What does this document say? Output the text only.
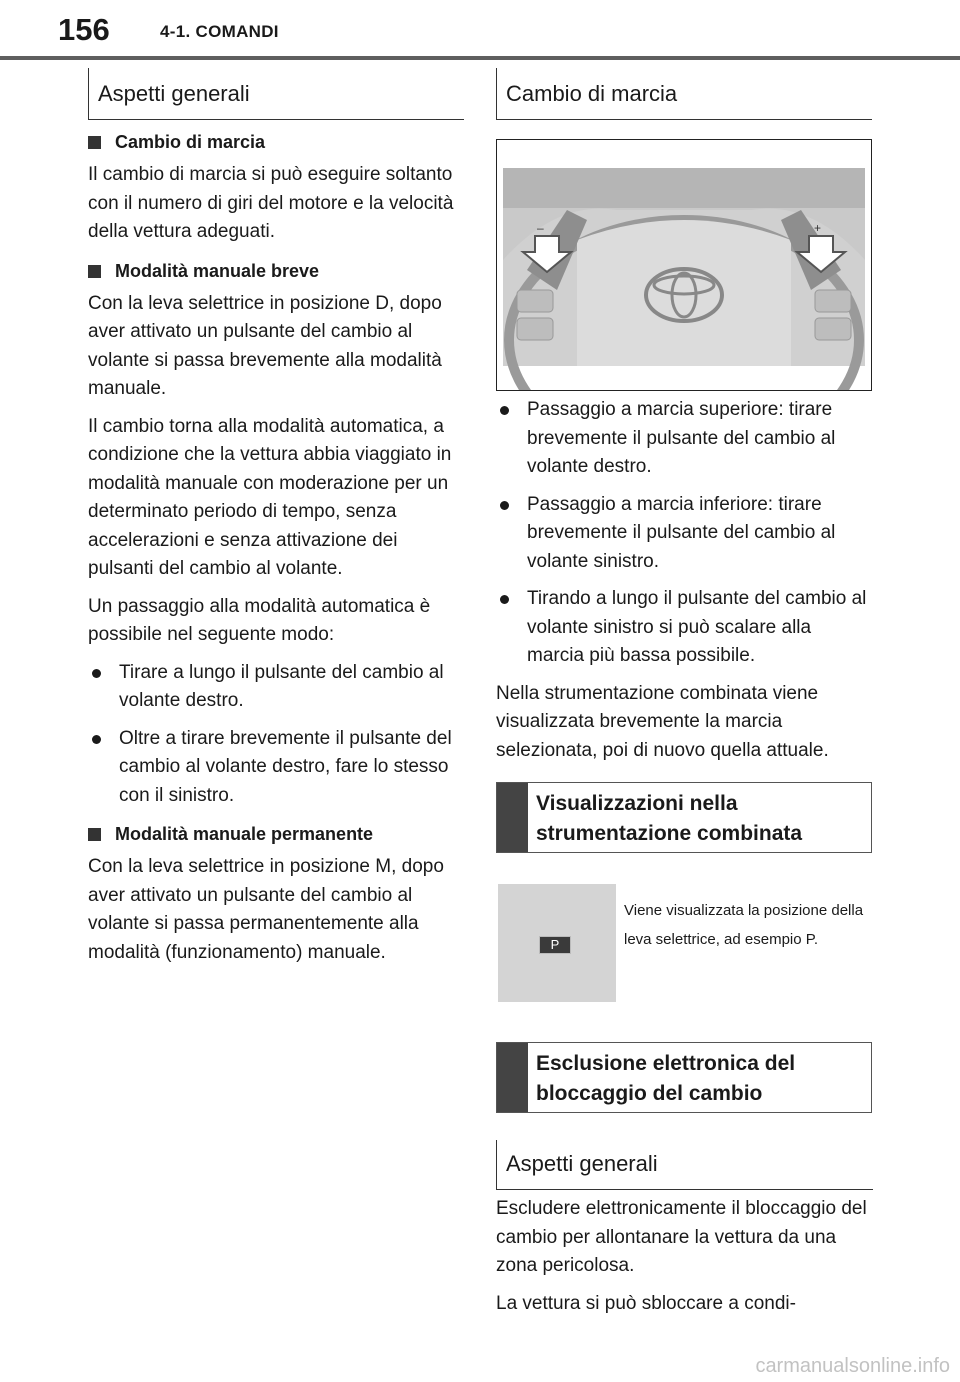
156	4-1. COMANDI
Aspetti generali
Cambio di marcia

Il cambio di marcia si può eseguire soltanto con il numero di giri del motore e la velocità della vettura adeguati.

Modalità manuale breve

Con la leva selettrice in posizione D, dopo aver attivato un pulsante del cambio al volante si passa brevemente alla modalità manuale.

Il cambio torna alla modalità automatica, a condizione che la vettura abbia viaggiato in modalità manuale con moderazione per un determinato periodo di tempo, senza accelerazioni e senza attivazione dei pulsanti del cambio al volante.

Un passaggio alla modalità automatica è possibile nel seguente modo:

Tirare a lungo il pulsante del cambio al volante destro.
Oltre a tirare brevemente il pulsante del cambio al volante destro, fare lo stesso con il sinistro.
Modalità manuale permanente

Con la leva selettrice in posizione M, dopo aver attivato un pulsante del cambio al volante si passa permanentemente alla modalità (funzionamento) manuale.

Cambio di marcia
–	+
Passaggio a marcia superiore: tirare brevemente il pulsante del cambio al volante destro.
Passaggio a marcia inferiore: tirare brevemente il pulsante del cambio al volante sinistro.
Tirando a lungo il pulsante del cambio al volante sinistro si può scalare alla marcia più bassa possibile.

Nella strumentazione combinata viene visualizzata brevemente la marcia selezionata, poi di nuovo quella attuale.

Visualizzazioni nella strumentazione combinata
P
Viene visualizzata la posizione della leva selettrice, ad esempio P.
Esclusione elettronica del bloccaggio del cambio
Aspetti generali

Escludere elettronicamente il bloccaggio del cambio per allontanare la vettura da una zona pericolosa.

La vettura si può sbloccare a condi-

carmanualsonline.info
